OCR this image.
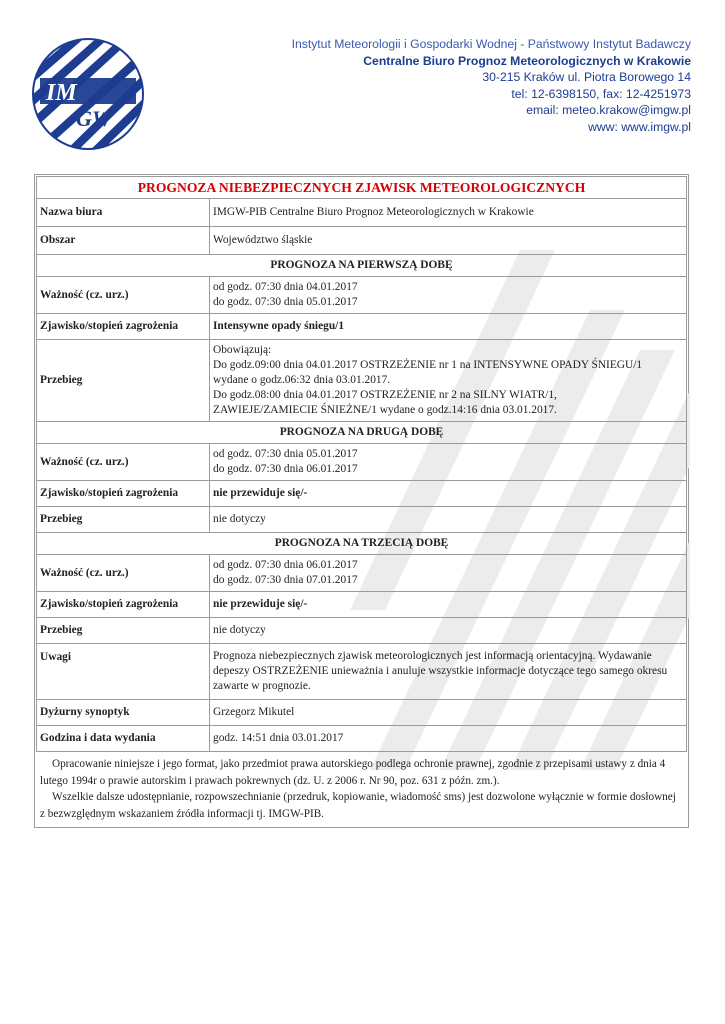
IM
GW
Instytut Meteorologii i Gospodarki Wodnej - Państwowy Instytut Badawczy
Centralne Biuro Prognoz Meteorologicznych w Krakowie
30-215 Kraków ul. Piotra Borowego 14
tel: 12-6398150, fax: 12-4251973
email: meteo.krakow@imgw.pl
www: www.imgw.pl
PROGNOZA NIEBEZPIECZNYCH ZJAWISK METEOROLOGICZNYCH	
Nazwa biura	IMGW-PIB Centralne Biuro Prognoz Meteorologicznych w Krakowie
Obszar	Województwo śląskie
PROGNOZA NA PIERWSZĄ DOBĘ	
Ważność (cz. urz.)	od godz. 07:30 dnia 04.01.2017
do godz. 07:30 dnia 05.01.2017

Zjawisko/stopień zagrożenia	Intensywne opady śniegu/1
Przebieg	Obowiązują:
Do godz.09:00 dnia 04.01.2017 OSTRZEŻENIE nr 1 na INTENSYWNE OPADY ŚNIEGU/1
wydane o godz.06:32 dnia 03.01.2017.
Do godz.08:00 dnia 04.01.2017 OSTRZEŻENIE nr 2 na SILNY WIATR/1,
ZAWIEJE/ZAMIECIE ŚNIEŻNE/1 wydane o godz.14:16 dnia 03.01.2017.

PROGNOZA NA DRUGĄ DOBĘ	
Ważność (cz. urz.)	od godz. 07:30 dnia 05.01.2017
do godz. 07:30 dnia 06.01.2017

Zjawisko/stopień zagrożenia	nie przewiduje się/-
Przebieg	nie dotyczy
PROGNOZA NA TRZECIĄ DOBĘ	
Ważność (cz. urz.)	od godz. 07:30 dnia 06.01.2017
do godz. 07:30 dnia 07.01.2017

Zjawisko/stopień zagrożenia	nie przewiduje się/-
Przebieg	nie dotyczy
Uwagi	Prognoza niebezpiecznych zjawisk meteorologicznych jest informacją orientacyjną. Wydawanie depeszy OSTRZEŻENIE unieważnia i anuluje wszystkie informacje dotyczące tego samego okresu zawarte w prognozie.
Dyżurny synoptyk	Grzegorz Mikutel
Godzina i data wydania	godz. 14:51 dnia 03.01.2017

Opracowanie niniejsze i jego format, jako przedmiot prawa autorskiego podlega ochronie prawnej, zgodnie z przepisami ustawy z dnia 4 lutego 1994r o prawie autorskim i prawach pokrewnych (dz. U. z 2006 r. Nr 90, poz. 631 z późn. zm.).

Wszelkie dalsze udostępnianie, rozpowszechnianie (przedruk, kopiowanie, wiadomość sms) jest dozwolone wyłącznie w formie dosłownej z bezwzględnym wskazaniem źródła informacji tj. IMGW-PIB.
